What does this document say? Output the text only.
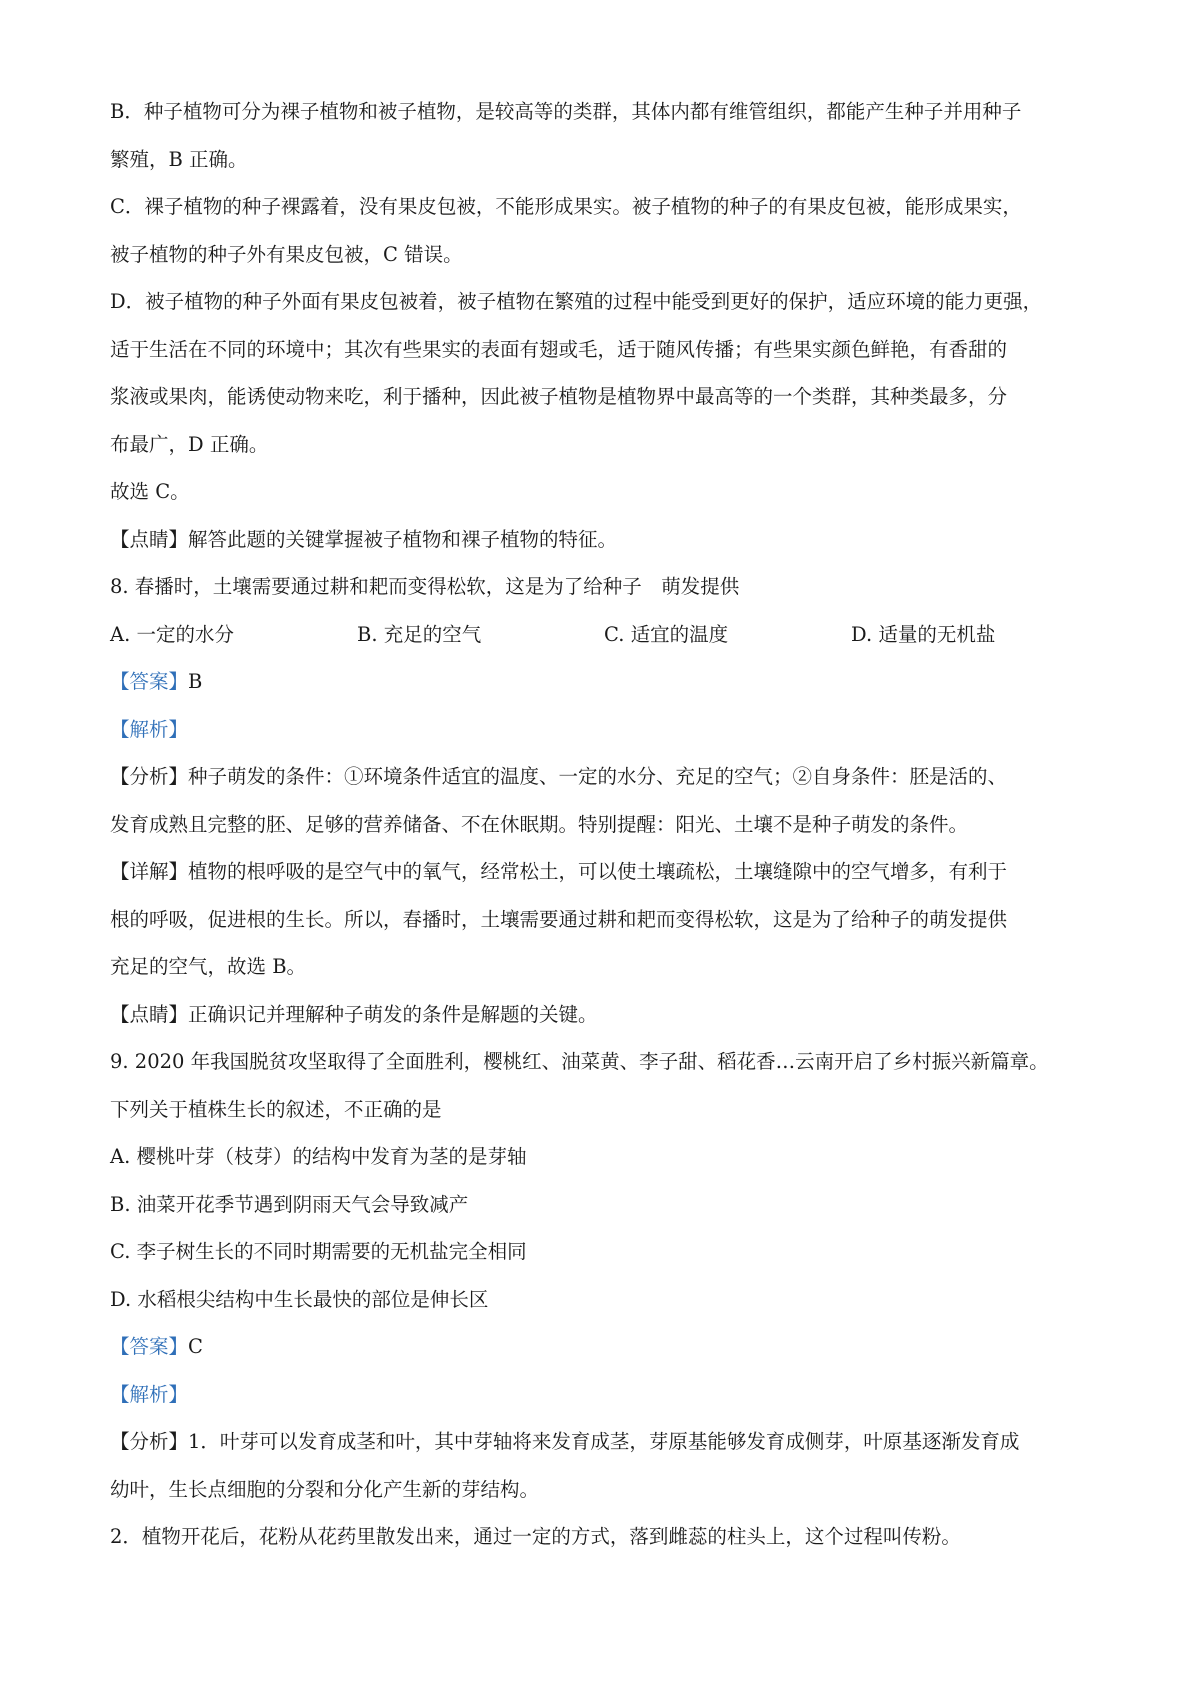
B．种子植物可分为裸子植物和被子植物，是较高等的类群，其体内都有维管组织，都能产生种子并用种子
繁殖，B 正确。
C．裸子植物的种子裸露着，没有果皮包被，不能形成果实。被子植物的种子的有果皮包被，能形成果实，
被子植物的种子外有果皮包被，C 错误。
D．被子植物的种子外面有果皮包被着，被子植物在繁殖的过程中能受到更好的保护，适应环境的能力更强，
适于生活在不同的环境中；其次有些果实的表面有翅或毛，适于随风传播；有些果实颜色鲜艳，有香甜的
浆液或果肉，能诱使动物来吃，利于播种，因此被子植物是植物界中最高等的一个类群，其种类最多，分
布最广，D 正确。
故选 C。
【点睛】解答此题的关键掌握被子植物和裸子植物的特征。
8. 春播时，土壤需要通过耕和耙而变得松软，这是为了给种子　萌发提供
A. 一定的水分	B. 充足的空气	C. 适宜的温度	D. 适量的无机盐
【答案】B
【解析】
【分析】种子萌发的条件：①环境条件适宜的温度、一定的水分、充足的空气；②自身条件：胚是活的、
发育成熟且完整的胚、足够的营养储备、不在休眠期。特别提醒：阳光、土壤不是种子萌发的条件。
【详解】植物的根呼吸的是空气中的氧气，经常松土，可以使土壤疏松，土壤缝隙中的空气增多，有利于
根的呼吸，促进根的生长。所以，春播时，土壤需要通过耕和耙而变得松软，这是为了给种子的萌发提供
充足的空气，故选 B。
【点睛】正确识记并理解种子萌发的条件是解题的关键。
9. 2020 年我国脱贫攻坚取得了全面胜利，樱桃红、油菜黄、李子甜、稻花香…云南开启了乡村振兴新篇章。
下列关于植株生长的叙述，不正确的是
A. 樱桃叶芽（枝芽）的结构中发育为茎的是芽轴
B. 油菜开花季节遇到阴雨天气会导致减产
C. 李子树生长的不同时期需要的无机盐完全相同
D. 水稻根尖结构中生长最快的部位是伸长区
【答案】C
【解析】
【分析】1．叶芽可以发育成茎和叶，其中芽轴将来发育成茎，芽原基能够发育成侧芽，叶原基逐渐发育成
幼叶，生长点细胞的分裂和分化产生新的芽结构。
2．植物开花后，花粉从花药里散发出来，通过一定的方式，落到雌蕊的柱头上，这个过程叫传粉。
